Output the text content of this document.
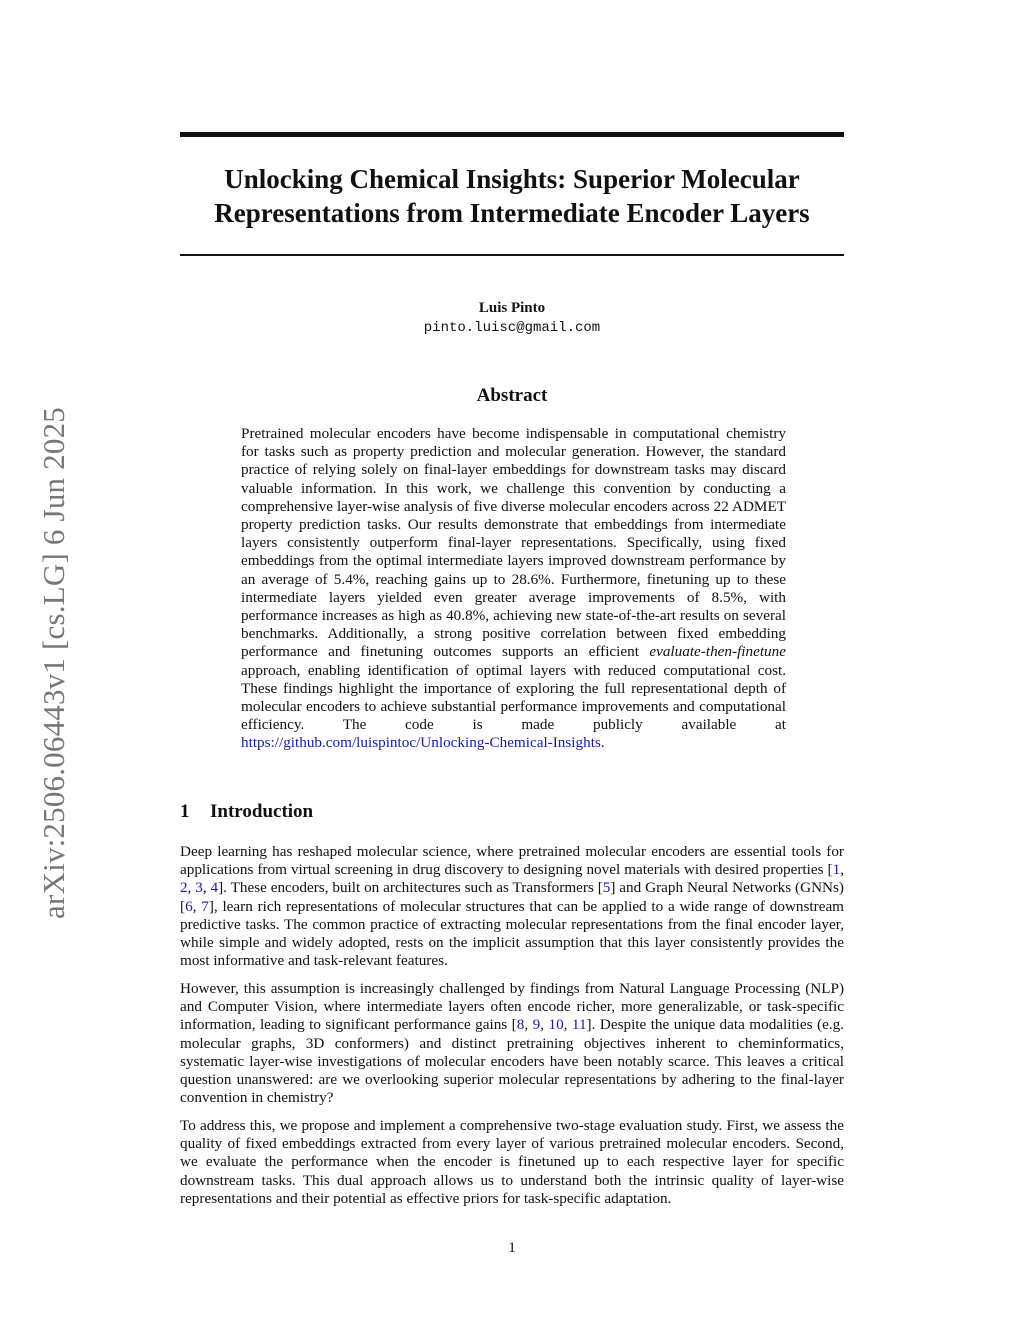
arXiv:2506.06443v1 [cs.LG] 6 Jun 2025
Unlocking Chemical Insights: Superior Molecular
Representations from Intermediate Encoder Layers
Luis Pinto
pinto.luisc@gmail.com
Abstract
Pretrained molecular encoders have become indispensable in computational chemistry for tasks such as property prediction and molecular generation. However, the standard practice of relying solely on final-layer embeddings for downstream tasks may discard valuable information. In this work, we challenge this convention by conducting a comprehensive layer-wise analysis of five diverse molecular encoders across 22 ADMET property prediction tasks. Our results demonstrate that embeddings from intermediate layers consistently outperform final-layer representations. Specifically, using fixed embeddings from the optimal intermediate layers improved downstream performance by an average of 5.4%, reaching gains up to 28.6%. Furthermore, finetuning up to these intermediate layers yielded even greater average improvements of 8.5%, with performance increases as high as 40.8%, achieving new state-of-the-art results on several benchmarks. Additionally, a strong positive correlation between fixed embedding performance and finetuning outcomes supports an efficient evaluate-then-finetune approach, enabling identification of optimal layers with reduced computational cost. These findings highlight the importance of exploring the full representational depth of molecular encoders to achieve substantial performance improvements and computational efficiency. The code is made publicly available at https://github.com/luispintoc/Unlocking-Chemical-Insights.
1 Introduction
Deep learning has reshaped molecular science, where pretrained molecular encoders are essential tools for applications from virtual screening in drug discovery to designing novel materials with desired properties [1, 2, 3, 4]. These encoders, built on architectures such as Transformers [5] and Graph Neural Networks (GNNs) [6, 7], learn rich representations of molecular structures that can be applied to a wide range of downstream predictive tasks. The common practice of extracting molecular representations from the final encoder layer, while simple and widely adopted, rests on the implicit assumption that this layer consistently provides the most informative and task-relevant features.
However, this assumption is increasingly challenged by findings from Natural Language Processing (NLP) and Computer Vision, where intermediate layers often encode richer, more generalizable, or task-specific information, leading to significant performance gains [8, 9, 10, 11]. Despite the unique data modalities (e.g. molecular graphs, 3D conformers) and distinct pretraining objectives inherent to cheminformatics, systematic layer-wise investigations of molecular encoders have been notably scarce. This leaves a critical question unanswered: are we overlooking superior molecular representations by adhering to the final-layer convention in chemistry?
To address this, we propose and implement a comprehensive two-stage evaluation study. First, we assess the quality of fixed embeddings extracted from every layer of various pretrained molecular encoders. Second, we evaluate the performance when the encoder is finetuned up to each respective layer for specific downstream tasks. This dual approach allows us to understand both the intrinsic quality of layer-wise representations and their potential as effective priors for task-specific adaptation.
1
